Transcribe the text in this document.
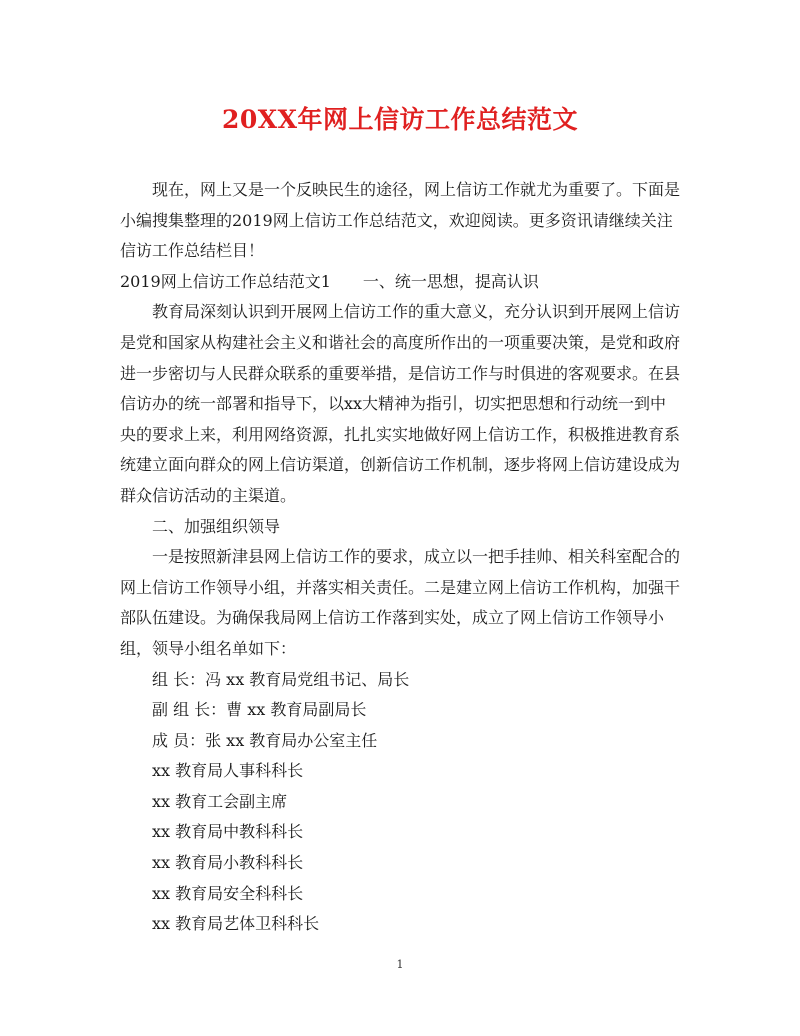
20XX年网上信访工作总结范文

现在，网上又是一个反映民生的途径，网上信访工作就尤为重要了。下面是小编搜集整理的2019网上信访工作总结范文，欢迎阅读。更多资讯请继续关注信访工作总结栏目！

2019网上信访工作总结范文1 一、统一思想，提高认识

教育局深刻认识到开展网上信访工作的重大意义，充分认识到开展网上信访是党和国家从构建社会主义和谐社会的高度所作出的一项重要决策，是党和政府进一步密切与人民群众联系的重要举措，是信访工作与时俱进的客观要求。在县信访办的统一部署和指导下，以xx大精神为指引，切实把思想和行动统一到中央的要求上来，利用网络资源，扎扎实实地做好网上信访工作，积极推进教育系统建立面向群众的网上信访渠道，创新信访工作机制，逐步将网上信访建设成为群众信访活动的主渠道。

二、加强组织领导

一是按照新津县网上信访工作的要求，成立以一把手挂帅、相关科室配合的网上信访工作领导小组，并落实相关责任。二是建立网上信访工作机构，加强干部队伍建设。为确保我局网上信访工作落到实处，成立了网上信访工作领导小组，领导小组名单如下：

组 长：冯 xx 教育局党组书记、局长

副 组 长：曹 xx 教育局副局长

成 员：张 xx 教育局办公室主任

xx 教育局人事科科长

xx 教育工会副主席

xx 教育局中教科科长

xx 教育局小教科科长

xx 教育局安全科科长

xx 教育局艺体卫科科长

1
